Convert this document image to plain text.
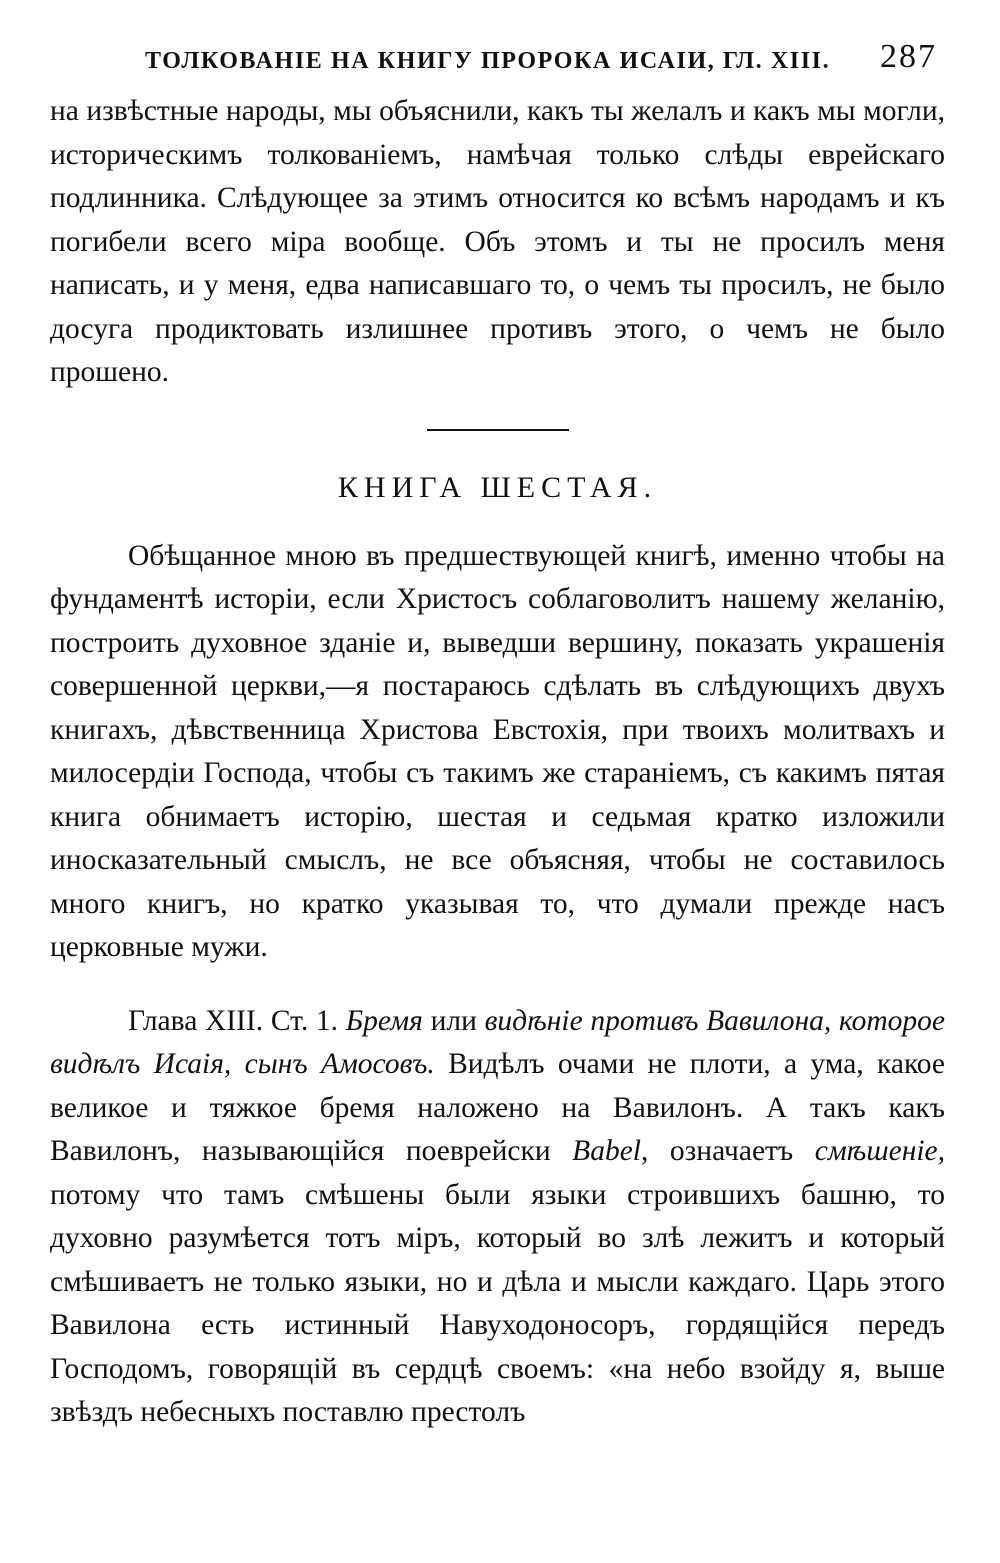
ТОЛКОВАНІЕ НА КНИГУ ПРОРОКА ИСАІИ, ГЛ. XIII. 287

на извѣстные народы, мы объяснили, какъ ты желалъ и какъ мы могли, историческимъ толкованіемъ, намѣчая только слѣды еврейскаго подлинника. Слѣдующее за этимъ относится ко всѣмъ народамъ и къ погибели всего міра вообще. Объ этомъ и ты не просилъ меня написать, и у меня, едва написавшаго то, о чемъ ты просилъ, не было досуга продиктовать излишнее противъ этого, о чемъ не было прошено.

КНИГА ШЕСТАЯ.

Обѣщанное мною въ предшествующей книгѣ, именно чтобы на фундаментѣ исторіи, если Христосъ соблаговолитъ нашему желанію, построить духовное зданіе и, выведши вершину, показать украшенія совершенной церкви,—я постараюсь сдѣлать въ слѣдующихъ двухъ книгахъ, дѣвственница Христова Евстохія, при твоихъ молитвахъ и милосердіи Господа, чтобы съ такимъ же стараніемъ, съ какимъ пятая книга обнимаетъ исторію, шестая и седьмая кратко изложили иносказательный смыслъ, не все объясняя, чтобы не составилось много книгъ, но кратко указывая то, что думали прежде насъ церковные мужи.

Глава XIII. Ст. 1. Бремя или видѣніе противъ Вавилона, которое видѣлъ Исаія, сынъ Амосовъ. Видѣлъ очами не плоти, а ума, какое великое и тяжкое бремя наложено на Вавилонъ. А такъ какъ Вавилонъ, называющійся поеврейски Babel, означаетъ смѣшеніе, потому что тамъ смѣшены были языки строившихъ башню, то духовно разумѣется тотъ міръ, который во злѣ лежитъ и который смѣшиваетъ не только языки, но и дѣла и мысли каждаго. Царь этого Вавилона есть истинный Навуходоносоръ, гордящійся передъ Господомъ, говорящій въ сердцѣ своемъ: «на небо взойду я, выше звѣздъ небесныхъ поставлю престолъ
